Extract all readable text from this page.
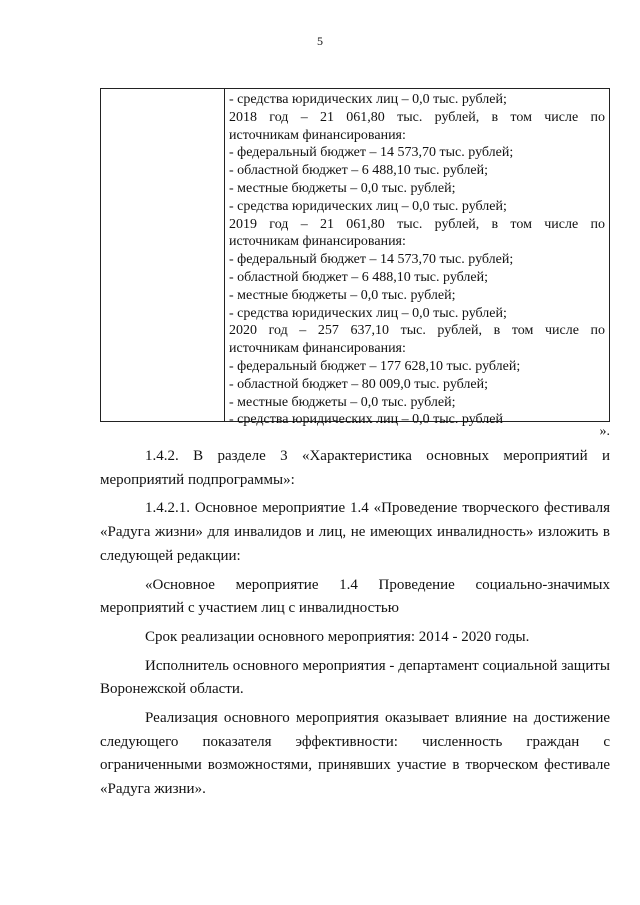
5
- средства юридических лиц – 0,0 тыс. рублей;
2018 год – 21 061,80 тыс. рублей, в том числе по
источникам финансирования:
- федеральный бюджет – 14 573,70 тыс. рублей;
- областной бюджет – 6 488,10 тыс. рублей;
- местные бюджеты – 0,0 тыс. рублей;
- средства юридических лиц – 0,0 тыс. рублей;
2019 год – 21 061,80 тыс. рублей, в том числе по
источникам финансирования:
- федеральный бюджет – 14 573,70 тыс. рублей;
- областной бюджет – 6 488,10 тыс. рублей;
- местные бюджеты – 0,0 тыс. рублей;
- средства юридических лиц – 0,0 тыс. рублей;
2020 год – 257 637,10 тыс. рублей, в том числе по
источникам финансирования:
- федеральный бюджет – 177 628,10 тыс. рублей;
- областной бюджет – 80 009,0 тыс. рублей;
- местные бюджеты – 0,0 тыс. рублей;
- средства юридических лиц – 0,0 тыс. рублей
».

1.4.2. В разделе 3 «Характеристика основных мероприятий и мероприятий подпрограммы»:

1.4.2.1. Основное мероприятие 1.4 «Проведение творческого фестиваля «Радуга жизни» для инвалидов и лиц, не имеющих инвалидность» изложить в следующей редакции:

«Основное мероприятие 1.4 Проведение социально-значимых мероприятий с участием лиц с инвалидностью

Срок реализации основного мероприятия: 2014 - 2020 годы.

Исполнитель основного мероприятия - департамент социальной защиты Воронежской области.

Реализация основного мероприятия оказывает влияние на достижение следующего показателя эффективности: численность граждан с ограниченными возможностями, принявших участие в творческом фестивале «Радуга жизни».
